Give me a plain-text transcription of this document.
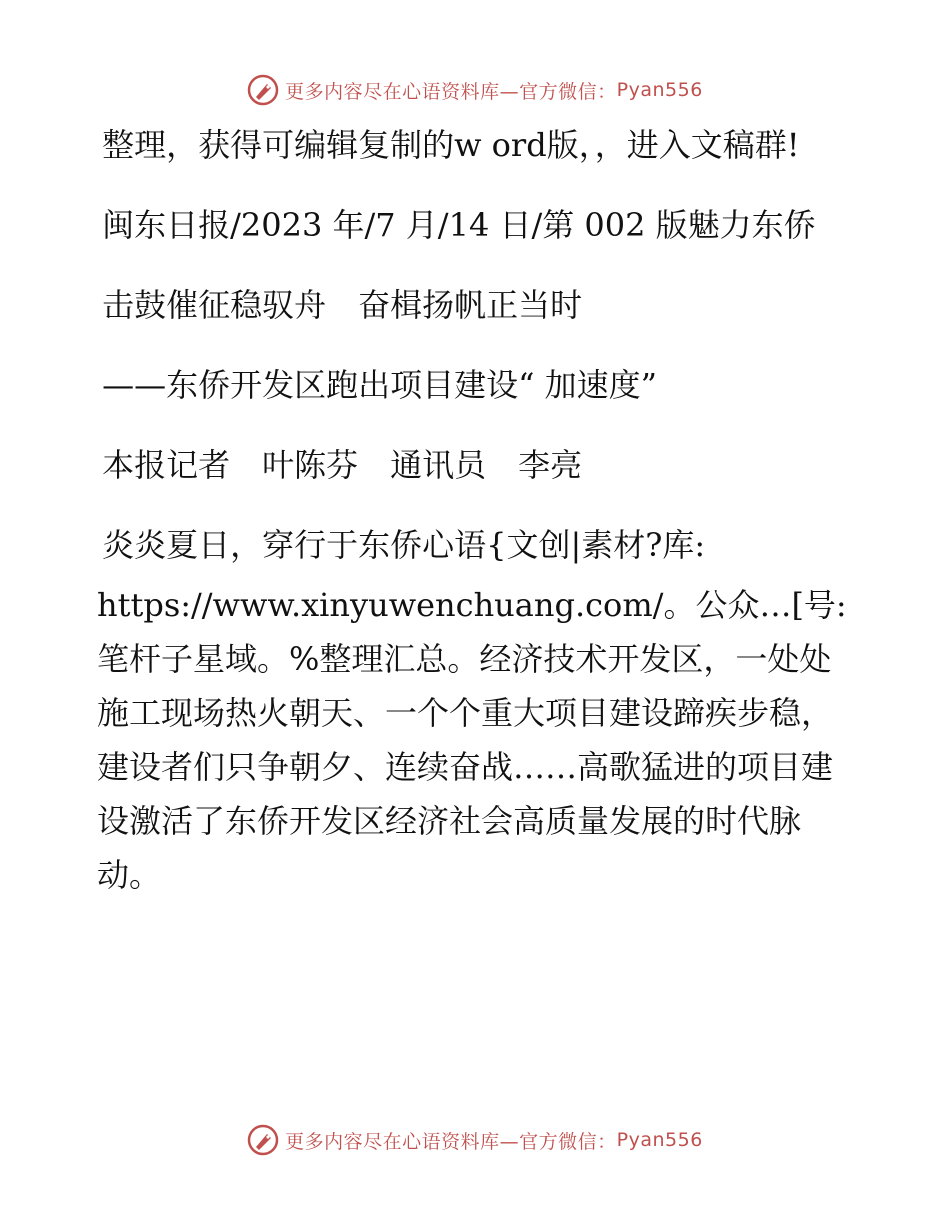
更多内容尽在心语资料库—官方微信： Pyan556

整理，获得可编辑复制的w ord版，，进入文稿群!

闽东日报/2023 年/7 月/14 日/第 002 版魅力东侨

击鼓催征稳驭舟　奋楫扬帆正当时

——东侨开发区跑出项目建设“ 加速度”

本报记者　叶陈芬　通讯员　李亮

炎炎夏日，穿行于东侨心语{文创|素材?库: https://www.xinyuwenchuang.com/。公众…[号:笔杆子星域。%整理汇总。经济技术开发区，一处处施工现场热火朝天、一个个重大项目建设蹄疾步稳，建设者们只争朝夕、连续奋战……高歌猛进的项目建设激活了东侨开发区经济社会高质量发展的时代脉动。

更多内容尽在心语资料库—官方微信： Pyan556
